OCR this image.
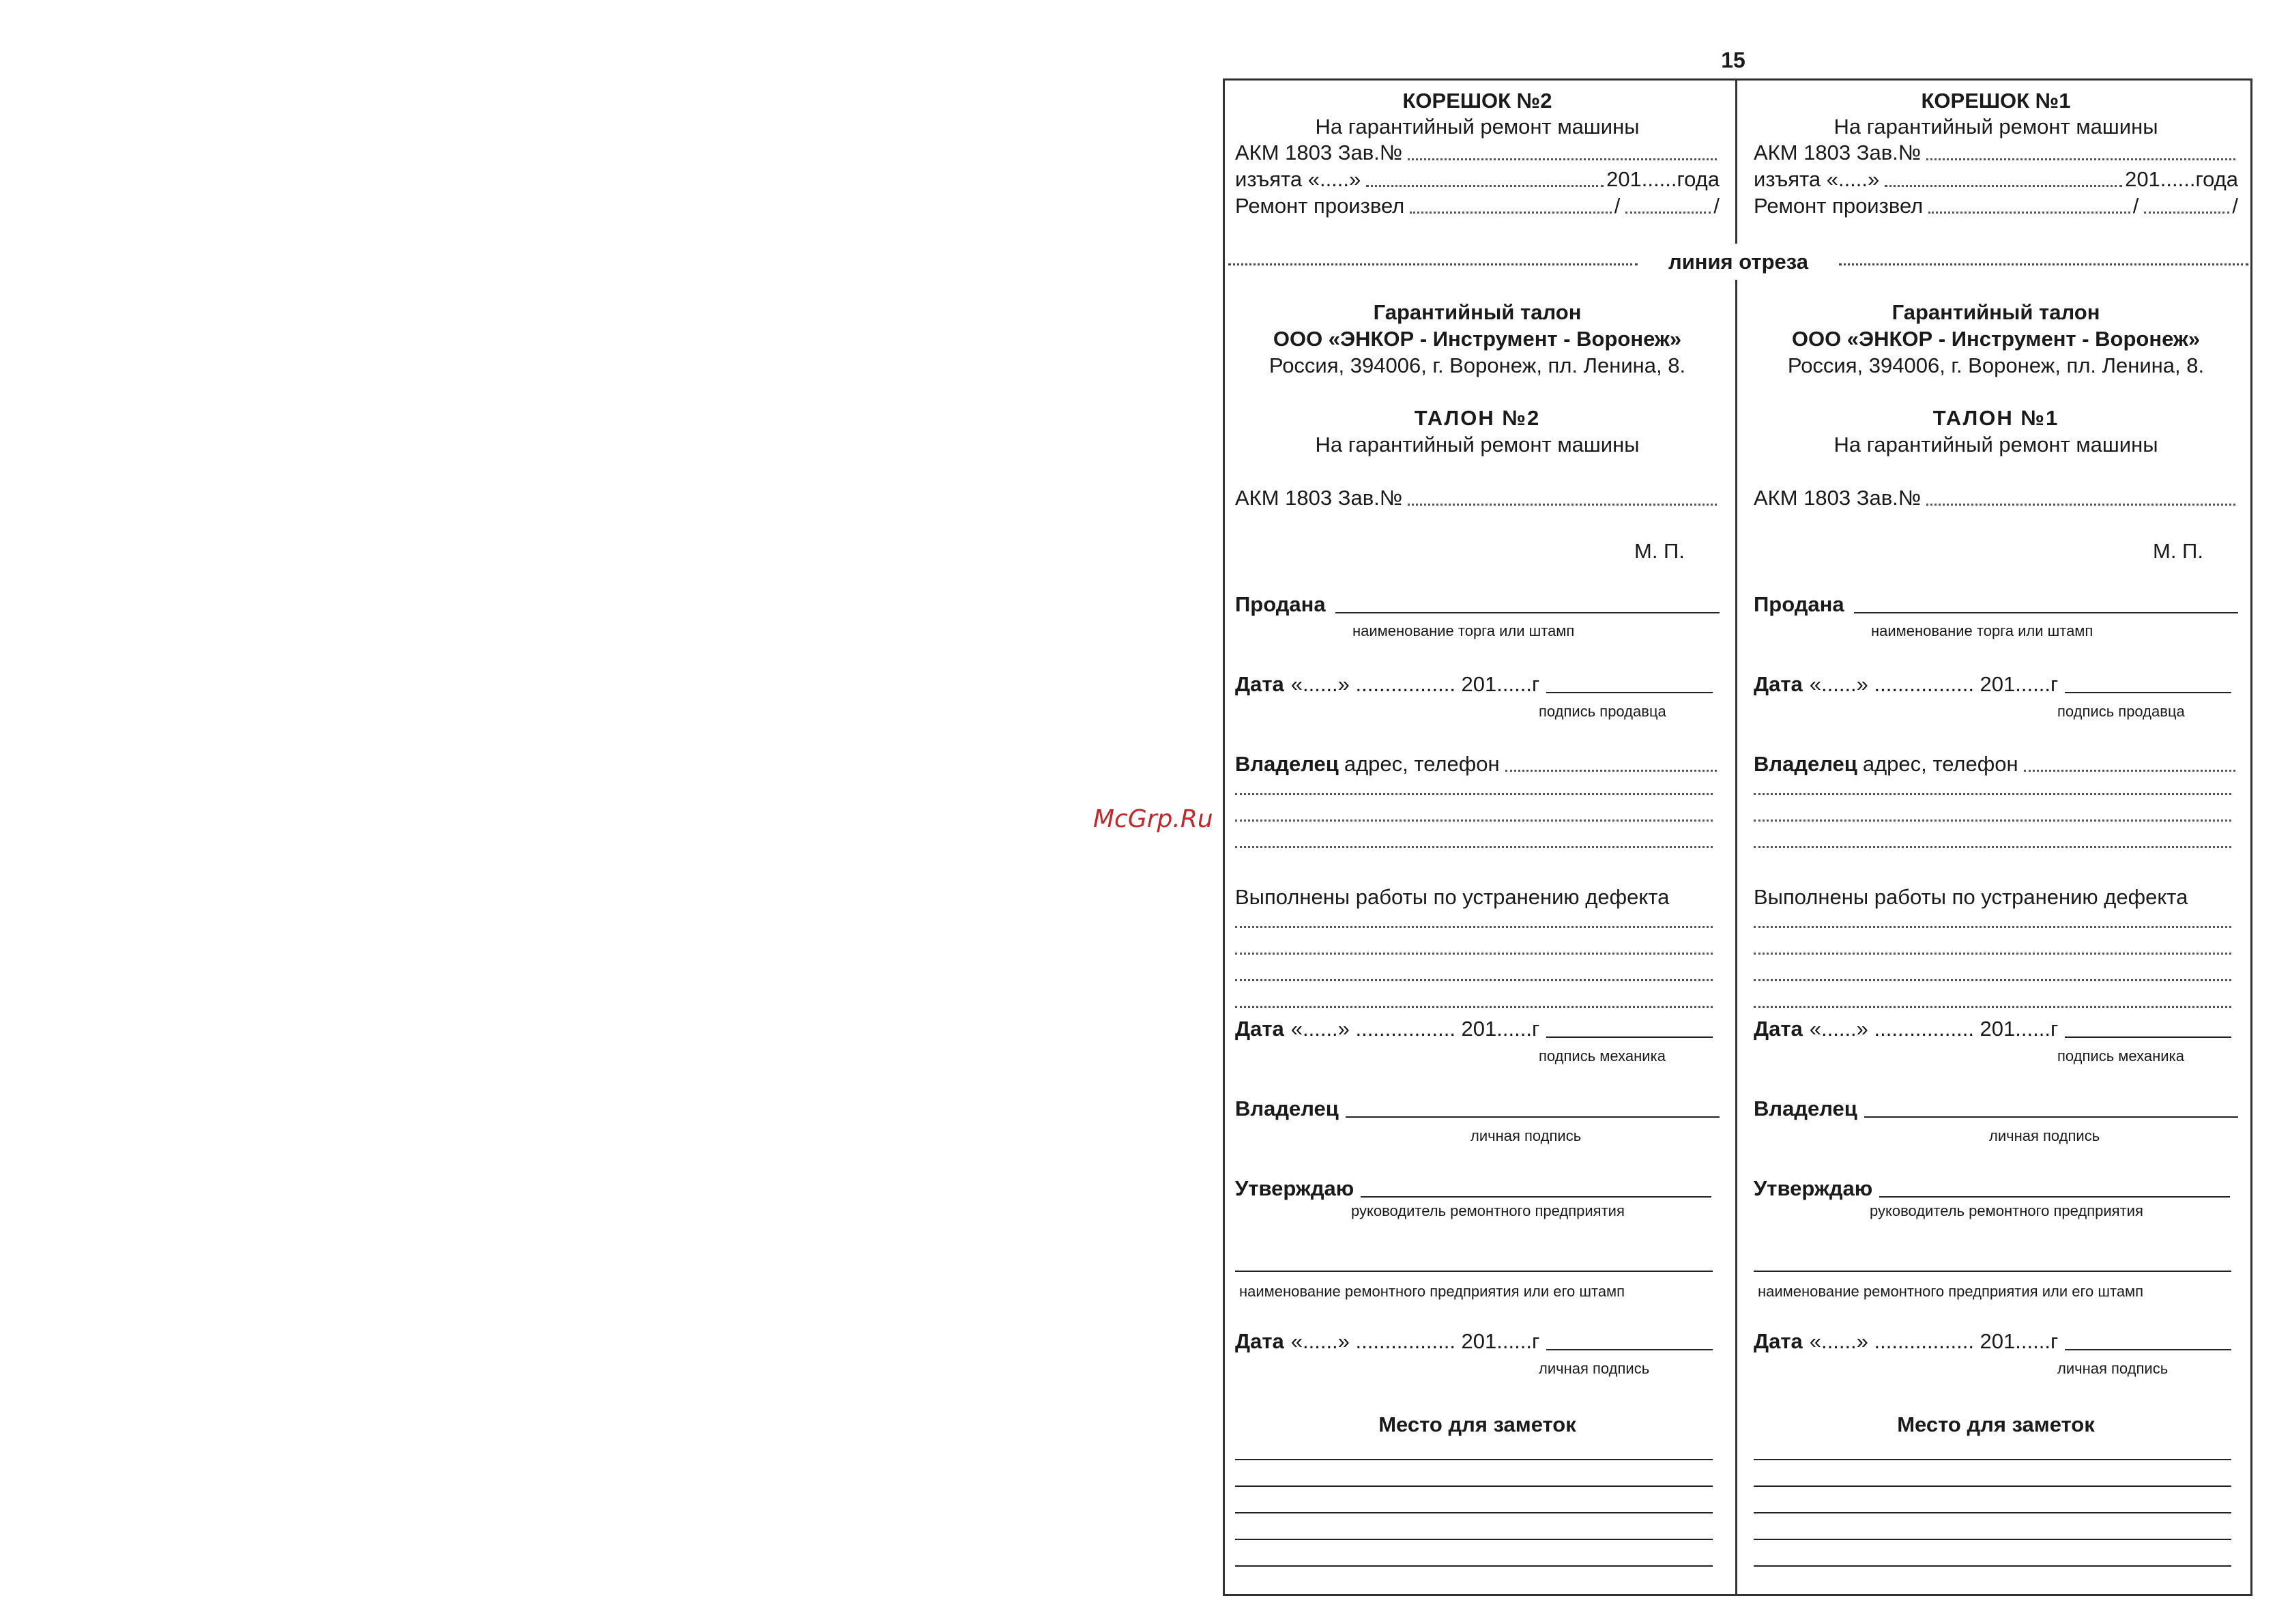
15
линия отреза
McGrp.Ru
КОРЕШОК №2
На гарантийный ремонт машины
АКМ 1803 Зав.№
изъята «.....»	201......года
Ремонт произвел	/	/
Гарантийный талон
ООО «ЭНКОР - Инструмент - Воронеж»
Россия, 394006, г. Воронеж, пл. Ленина, 8.
ТАЛОН №2
На гарантийный ремонт машины
АКМ 1803 Зав.№
М. П.
Продана
наименование торга или штамп
Дата «......» ................. 201......г
подпись продавца
Владелец адрес, телефон
Выполнены работы по устранению дефекта
Дата «......» ................. 201......г
подпись механика
Владелец
личная подпись
Утверждаю
руководитель ремонтного предприятия
наименование ремонтного предприятия или его штамп
Дата «......» ................. 201......г
личная подпись
Место для заметок
КОРЕШОК №1
На гарантийный ремонт машины
АКМ 1803 Зав.№
изъята «.....»	201......года
Ремонт произвел	/	/
Гарантийный талон
ООО «ЭНКОР - Инструмент - Воронеж»
Россия, 394006, г. Воронеж, пл. Ленина, 8.
ТАЛОН №1
На гарантийный ремонт машины
АКМ 1803 Зав.№
М. П.
Продана
наименование торга или штамп
Дата «......» ................. 201......г
подпись продавца
Владелец адрес, телефон
Выполнены работы по устранению дефекта
Дата «......» ................. 201......г
подпись механика
Владелец
личная подпись
Утверждаю
руководитель ремонтного предприятия
наименование ремонтного предприятия или его штамп
Дата «......» ................. 201......г
личная подпись
Место для заметок
